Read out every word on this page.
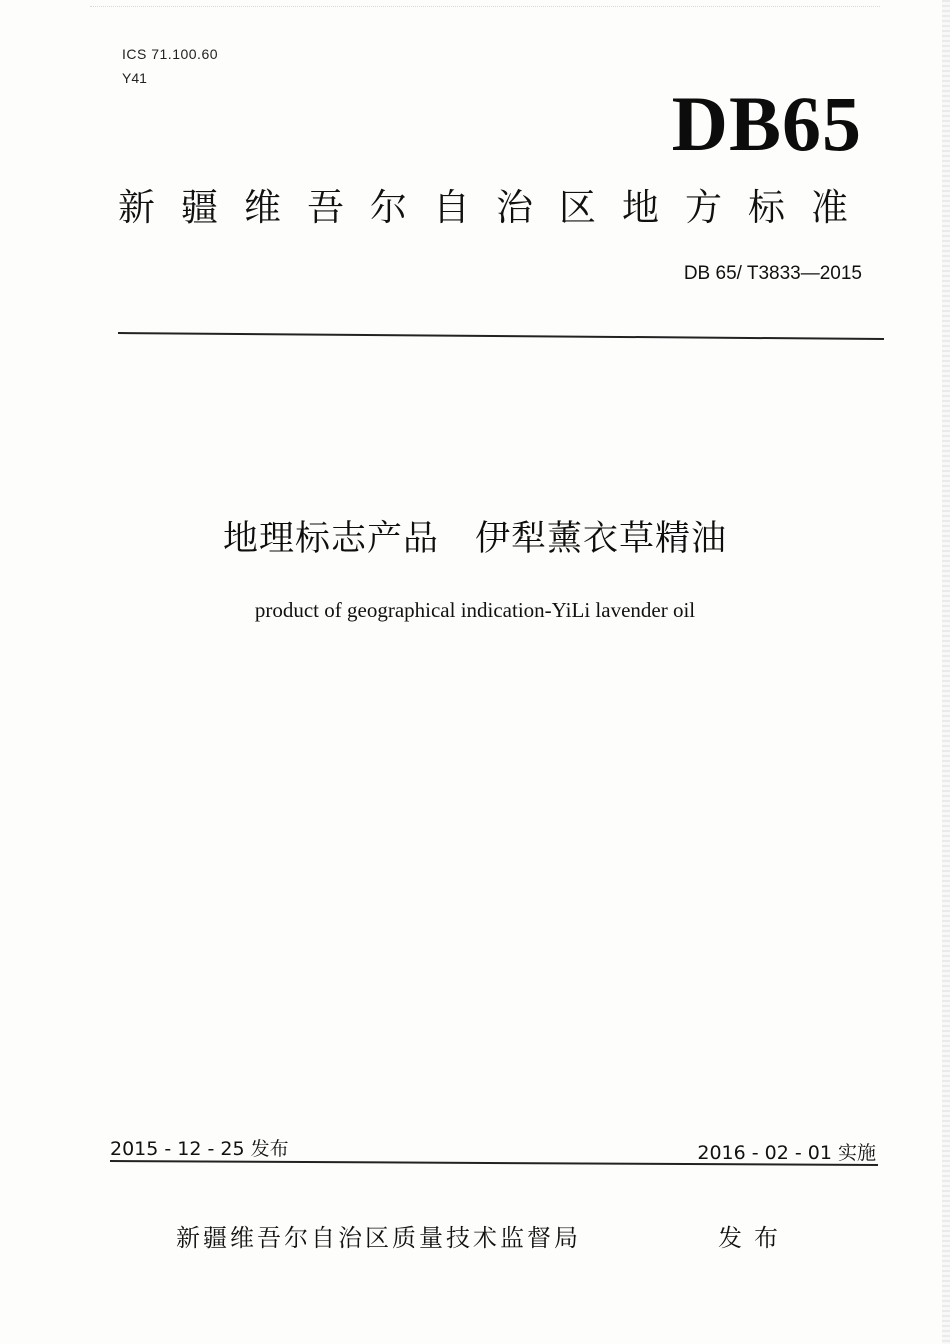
ICS 71.100.60
Y41
DB65
新疆维吾尔自治区地方标准
DB 65/ T3833—2015
地理标志产品　伊犁薰衣草精油
product of geographical indication-YiLi lavender oil
2015 - 12 - 25 发布	2016 - 02 - 01 实施
新疆维吾尔自治区质量技术监督局	发布
